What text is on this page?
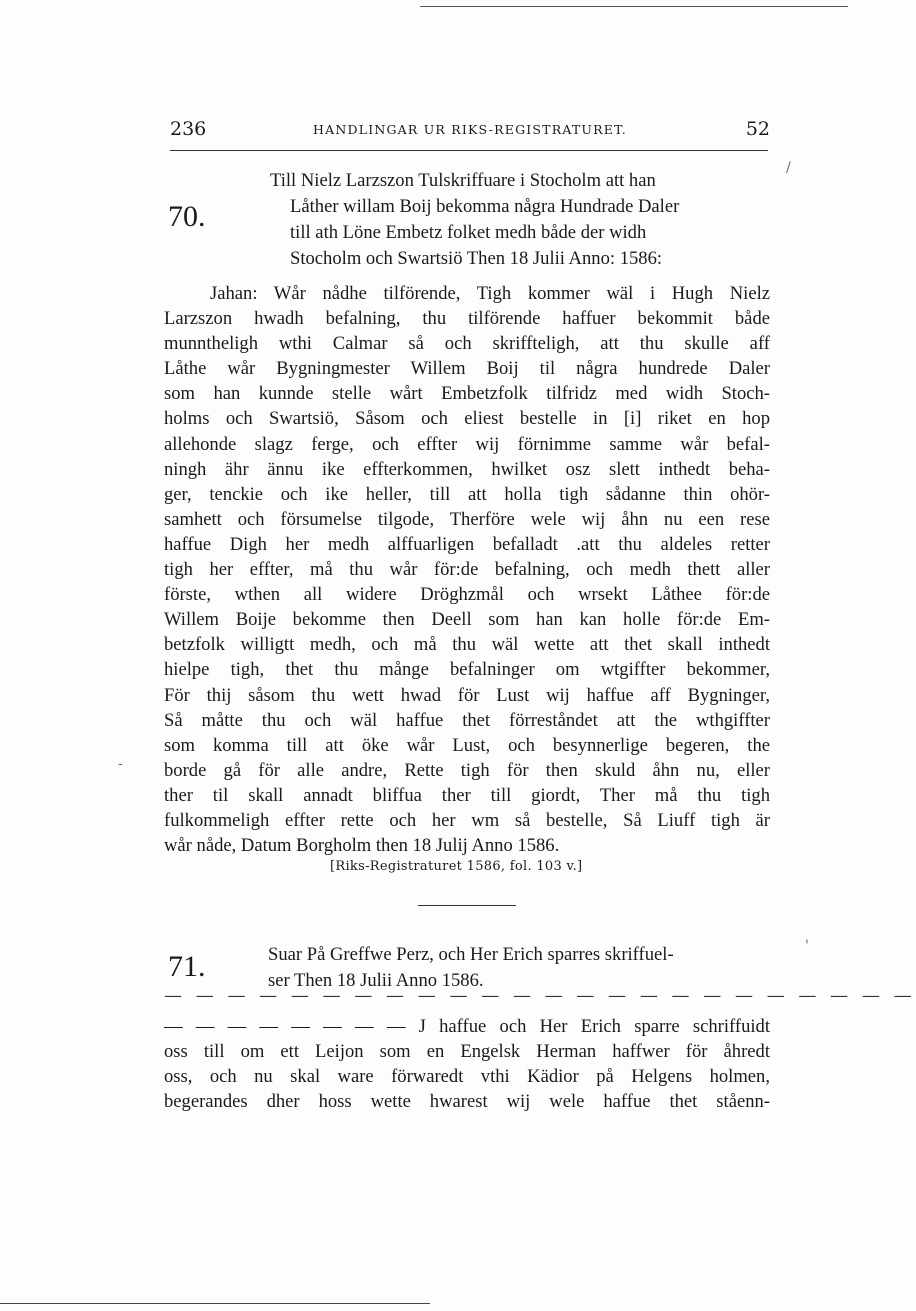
236	HANDLINGAR UR RIKS-REGISTRATURET.	52
70.
Till Nielz Larzszon Tulskriffuare i Stocholm att han
Låther willam Boij bekomma några Hundrade Daler
till ath Löne Embetz folket medh både der widh
Stocholm och Swartsiö Then 18 Julii Anno: 1586:
Jahan: Wår nådhe tilförende, Tigh kommer wäl i Hugh Nielz
Larzszon hwadh befalning, thu tilförende haffuer bekommit både
munntheligh wthi Calmar så och skriffteligh, att thu skulle aff
Låthe wår Bygningmester Willem Boij til några hundrede Daler
som han kunnde stelle wårt Embetzfolk tilfridz med widh Stoch-
holms och Swartsiö, Såsom och eliest bestelle in [i] riket en hop
allehonde slagz ferge, och effter wij förnimme samme wår befal-
ningh ähr ännu ike effterkommen, hwilket osz slett inthedt beha-
ger, tenckie och ike heller, till att holla tigh sådanne thin ohör-
samhett och försumelse tilgode, Therföre wele wij åhn nu een rese
haffue Digh her medh alffuarligen befalladt .att thu aldeles retter
tigh her effter, må thu wår för:de befalning, och medh thett aller
förste, wthen all widere Dröghzmål och wrsekt Låthee för:de
Willem Boije bekomme then Deell som han kan holle för:de Em-
betzfolk willigtt medh, och må thu wäl wette att thet skall inthedt
hielpe tigh, thet thu månge befalninger om wtgiffter bekommer,
För thij såsom thu wett hwad för Lust wij haffue aff Bygninger,
Så måtte thu och wäl haffue thet förreståndet att the wthgiffter
som komma till att öke wår Lust, och besynnerlige begeren, the
borde gå för alle andre, Rette tigh för then skuld åhn nu, eller
ther til skall annadt bliffua ther till giordt, Ther må thu tigh
fulkommeligh effter rette och her wm så bestelle, Så Liuff tigh är
wår nåde, Datum Borgholm then 18 Julij Anno 1586.
[Riks-Registraturet 1586, fol. 103 v.]
71.	Suar På Greffwe Perz, och Her Erich sparres skriffuel-
ser Then 18 Julii Anno 1586.
— — — — — — — — — — — — — — — — — — — — — — — —
— — — — — — — — J haffue och Her Erich sparre schriffuidt
oss till om ett Leijon som en Engelsk Herman haffwer för åhredt
oss, och nu skal ware förwaredt vthi Kädior på Helgens holmen,
begerandes dher hoss wette hwarest wij wele haffue thet ståenn-
/
-
'
